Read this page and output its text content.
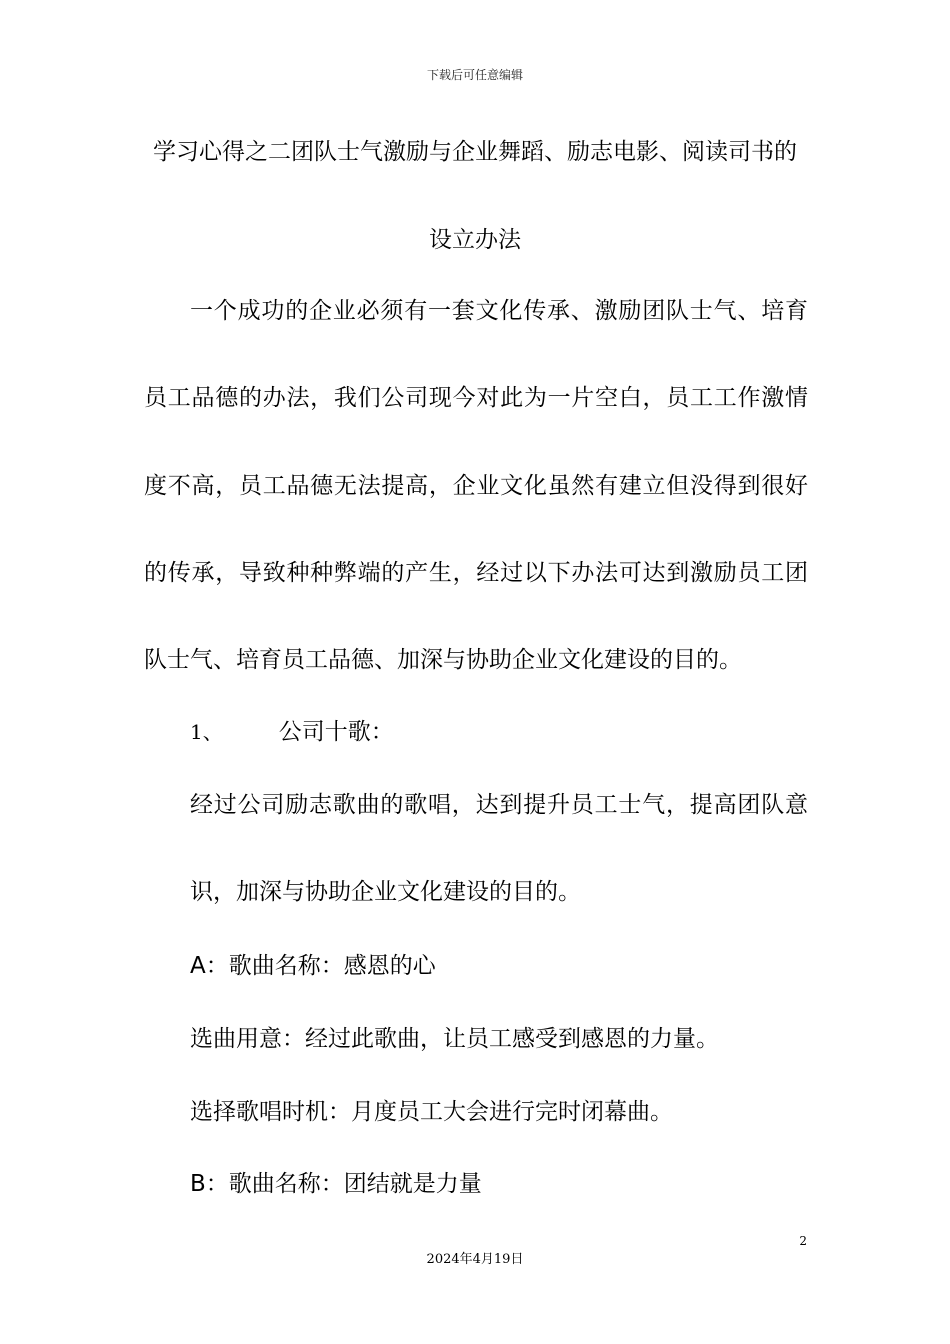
下载后可任意编辑
学习心得之二团队士气激励与企业舞蹈、励志电影、阅读司书的
设立办法
一个成功的企业必须有一套文化传承、激励团队士气、培育
员工品德的办法，我们公司现今对此为一片空白，员工工作激情
度不高，员工品德无法提高，企业文化虽然有建立但没得到很好
的传承，导致种种弊端的产生，经过以下办法可达到激励员工团
队士气、培育员工品德、加深与协助企业文化建设的目的。
1、 公司十歌：
经过公司励志歌曲的歌唱，达到提升员工士气，提高团队意
识，加深与协助企业文化建设的目的。
A：歌曲名称：感恩的心
选曲用意：经过此歌曲，让员工感受到感恩的力量。
选择歌唱时机：月度员工大会进行完时闭幕曲。
B：歌曲名称：团结就是力量
2
2024年4月19日
